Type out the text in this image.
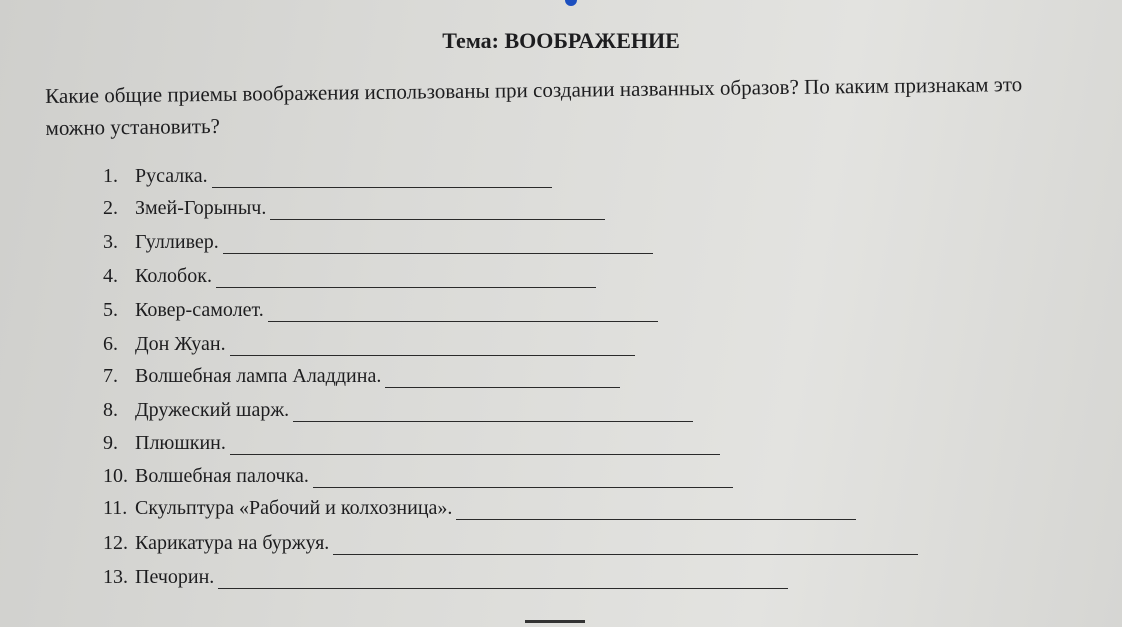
Тема: ВООБРАЖЕНИЕ
Какие общие приемы воображения использованы при создании названных образов? По каким признакам это можно установить?
1. Русалка.
2. Змей-Горыныч.
3. Гулливер.
4. Колобок.
5. Ковер-самолет.
6. Дон Жуан.
7. Волшебная лампа Аладдина.
8. Дружеский шарж.
9. Плюшкин.
10. Волшебная палочка.
11. Скульптура «Рабочий и колхозница».
12. Карикатура на буржуя.
13. Печорин.
